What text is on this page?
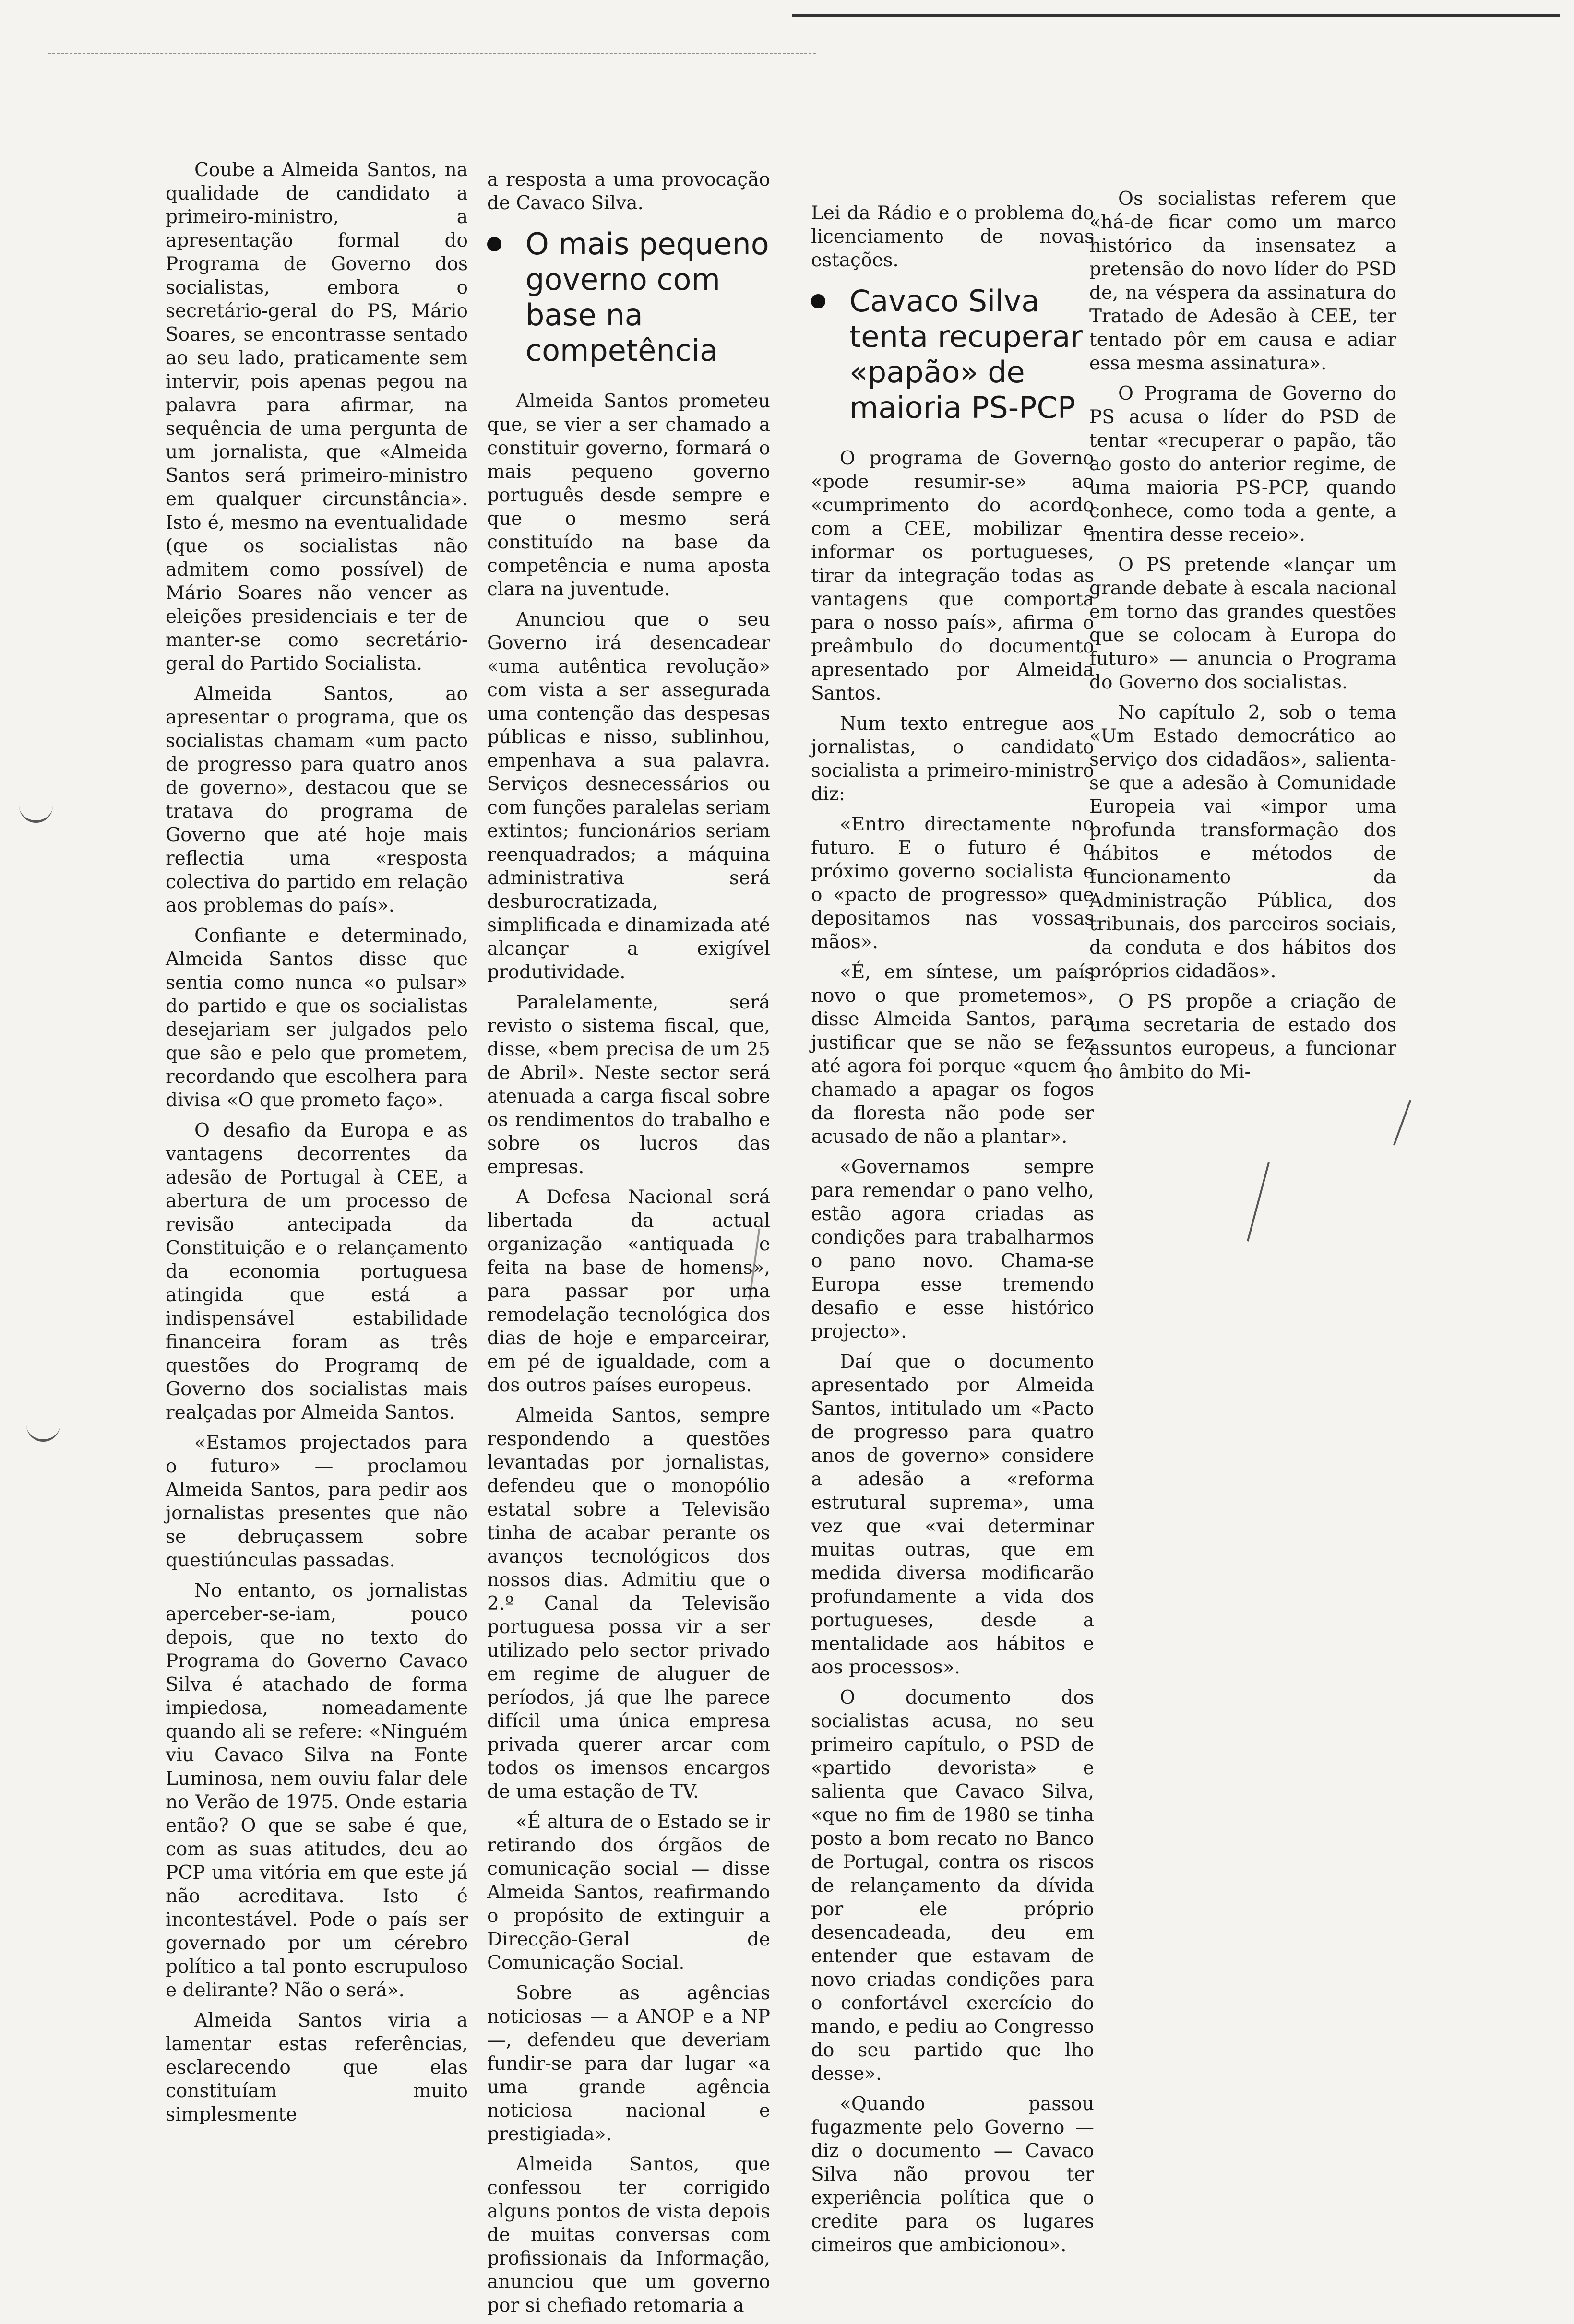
Coube a Almeida Santos, na qualidade de candidato a primeiro-ministro, a apresentação formal do Programa de Governo dos socialistas, embora o secretário-geral do PS, Mário Soares, se encontrasse sentado ao seu lado, praticamente sem intervir, pois apenas pegou na palavra para afirmar, na sequência de uma pergunta de um jornalista, que «Almeida Santos será primeiro-ministro em qualquer circunstância». Isto é, mesmo na eventualidade (que os socialistas não admitem como possível) de Mário Soares não vencer as eleições presidenciais e ter de manter-se como secretário-geral do Partido Socialista.

Almeida Santos, ao apresentar o programa, que os socialistas chamam «um pacto de progresso para quatro anos de governo», destacou que se tratava do programa de Governo que até hoje mais reflectia uma «resposta colectiva do partido em relação aos problemas do país».

Confiante e determinado, Almeida Santos disse que sentia como nunca «o pulsar» do partido e que os socialistas desejariam ser julgados pelo que são e pelo que prometem, recordando que escolhera para divisa «O que prometo faço».

O desafio da Europa e as vantagens decorrentes da adesão de Portugal à CEE, a abertura de um processo de revisão antecipada da Constituição e o relançamento da economia portuguesa atingida que está a indispensável estabilidade financeira foram as três questões do Programq de Governo dos socialistas mais realçadas por Almeida Santos.

«Estamos projectados para o futuro» — proclamou Almeida Santos, para pedir aos jornalistas presentes que não se debruçassem sobre questiúnculas passadas.

No entanto, os jornalistas aperceber-se-iam, pouco depois, que no texto do Programa do Governo Cavaco Silva é atachado de forma impiedosa, nomeadamente quando ali se refere: «Ninguém viu Cavaco Silva na Fonte Luminosa, nem ouviu falar dele no Verão de 1975. Onde estaria então? O que se sabe é que, com as suas atitudes, deu ao PCP uma vitória em que este já não acreditava. Isto é incontestável. Pode o país ser governado por um cérebro político a tal ponto escrupuloso e delirante? Não o será».

Almeida Santos viria a lamentar estas referências, esclarecendo que elas constituíam muito simplesmente

a resposta a uma provocação de Cavaco Silva.

O mais pequeno governo com base na competência

Almeida Santos prometeu que, se vier a ser chamado a constituir governo, formará o mais pequeno governo português desde sempre e que o mesmo será constituído na base da competência e numa aposta clara na juventude.

Anunciou que o seu Governo irá desencadear «uma autêntica revolução» com vista a ser assegurada uma contenção das despesas públicas e nisso, sublinhou, empenhava a sua palavra. Serviços desnecessários ou com funções paralelas seriam extintos; funcionários seriam reenquadrados; a máquina administrativa será desburocratizada, simplificada e dinamizada até alcançar a exigível produtividade.

Paralelamente, será revisto o sistema fiscal, que, disse, «bem precisa de um 25 de Abril». Neste sector será atenuada a carga fiscal sobre os rendimentos do trabalho e sobre os lucros das empresas.

A Defesa Nacional será libertada da actual organização «antiquada e feita na base de homens», para passar por uma remodelação tecnológica dos dias de hoje e emparceirar, em pé de igualdade, com a dos outros países europeus.

Almeida Santos, sempre respondendo a questões levantadas por jornalistas, defendeu que o monopólio estatal sobre a Televisão tinha de acabar perante os avanços tecnológicos dos nossos dias. Admitiu que o 2.º Canal da Televisão portuguesa possa vir a ser utilizado pelo sector privado em regime de aluguer de períodos, já que lhe parece difícil uma única empresa privada querer arcar com todos os imensos encargos de uma estação de TV.

«É altura de o Estado se ir retirando dos órgãos de comunicação social — disse Almeida Santos, reafirmando o propósito de extinguir a Direcção-Geral de Comunicação Social.

Sobre as agências noticiosas — a ANOP e a NP —, defendeu que deveriam fundir-se para dar lugar «a uma grande agência noticiosa nacional e prestigiada».

Almeida Santos, que confessou ter corrigido alguns pontos de vista depois de muitas conversas com profissionais da Informação, anunciou que um governo por si chefiado retomaria a

Lei da Rádio e o problema do licenciamento de novas estações.

Cavaco Silva tenta recuperar «papão» de maioria PS-PCP

O programa de Governo «pode resumir-se» ao «cumprimento do acordo com a CEE, mobilizar e informar os portugueses, tirar da integração todas as vantagens que comporta para o nosso país», afirma o preâmbulo do documento apresentado por Almeida Santos.

Num texto entregue aos jornalistas, o candidato socialista a primeiro-ministro diz:

«Entro directamente no futuro. E o futuro é o próximo governo socialista e o «pacto de progresso» que depositamos nas vossas mãos».

«É, em síntese, um país novo o que prometemos», disse Almeida Santos, para justificar que se não se fez até agora foi porque «quem é chamado a apagar os fogos da floresta não pode ser acusado de não a plantar».

«Governamos sempre para remendar o pano velho, estão agora criadas as condições para trabalharmos o pano novo. Chama-se Europa esse tremendo desafio e esse histórico projecto».

Daí que o documento apresentado por Almeida Santos, intitulado um «Pacto de progresso para quatro anos de governo» considere a adesão a «reforma estrutural suprema», uma vez que «vai determinar muitas outras, que em medida diversa modificarão profundamente a vida dos portugueses, desde a mentalidade aos hábitos e aos processos».

O documento dos socialistas acusa, no seu primeiro capítulo, o PSD de «partido devorista» e salienta que Cavaco Silva, «que no fim de 1980 se tinha posto a bom recato no Banco de Portugal, contra os riscos de relançamento da dívida por ele próprio desencadeada, deu em entender que estavam de novo criadas condições para o confortável exercício do mando, e pediu ao Congresso do seu partido que lho desse».

«Quando passou fugazmente pelo Governo — diz o documento — Cavaco Silva não provou ter experiência política que o credite para os lugares cimeiros que ambicionou».

Os socialistas referem que «há-de ficar como um marco histórico da insensatez a pretensão do novo líder do PSD de, na véspera da assinatura do Tratado de Adesão à CEE, ter tentado pôr em causa e adiar essa mesma assinatura».

O Programa de Governo do PS acusa o líder do PSD de tentar «recuperar o papão, tão ao gosto do anterior regime, de uma maioria PS-PCP, quando conhece, como toda a gente, a mentira desse receio».

O PS pretende «lançar um grande debate à escala nacional em torno das grandes questões que se colocam à Europa do futuro» — anuncia o Programa do Governo dos socialistas.

No capítulo 2, sob o tema «Um Estado democrático ao serviço dos cidadãos», salienta-se que a adesão à Comunidade Europeia vai «impor uma profunda transformação dos hábitos e métodos de funcionamento da Administração Pública, dos tribunais, dos parceiros sociais, da conduta e dos hábitos dos próprios cidadãos».

O PS propõe a criação de uma secretaria de estado dos assuntos europeus, a funcionar no âmbito do Mi-
